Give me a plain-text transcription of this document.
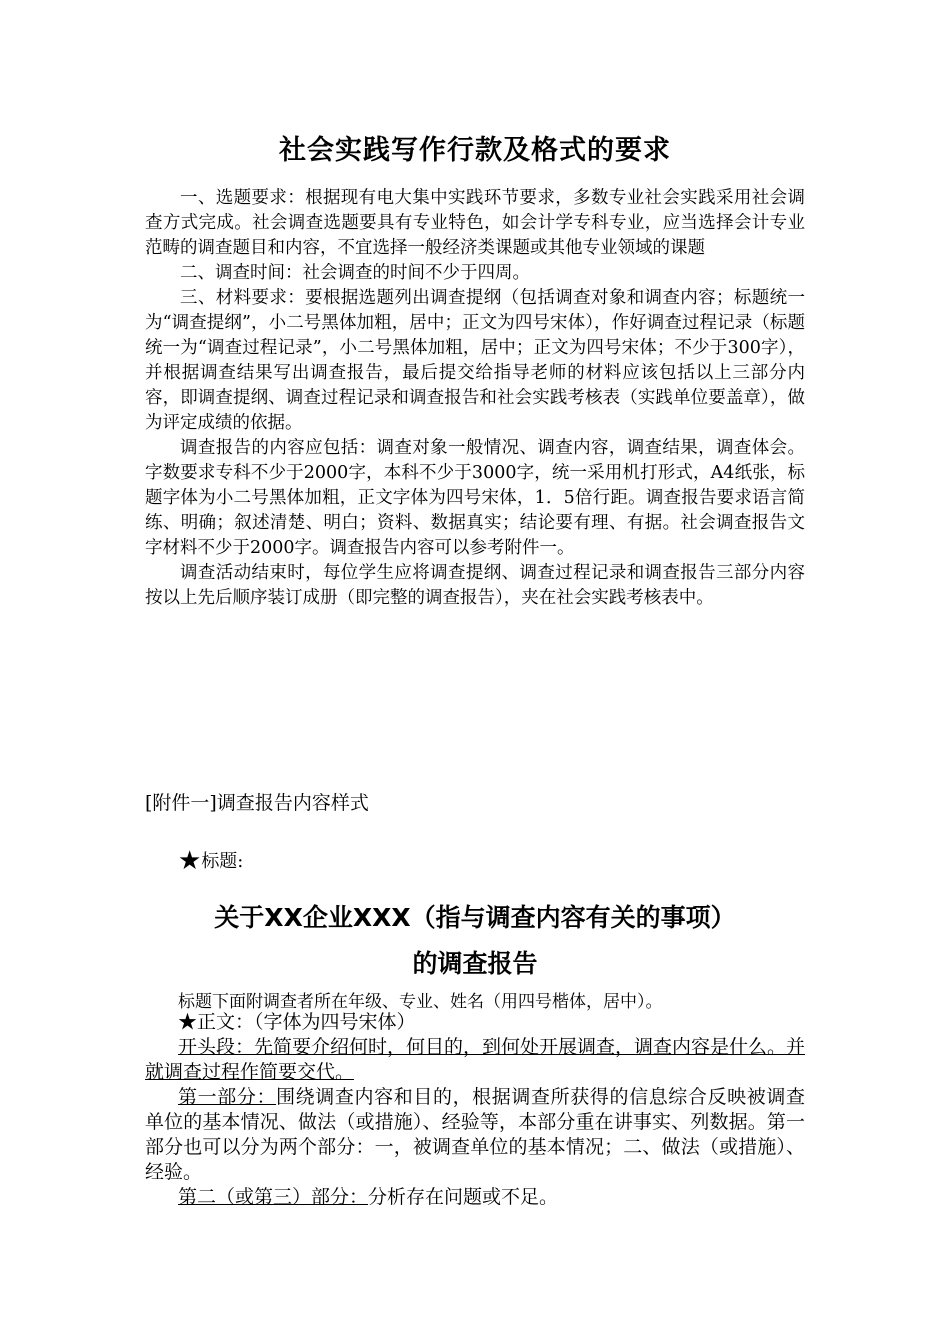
社会实践写作行款及格式的要求

一、选题要求：根据现有电大集中实践环节要求，多数专业社会实践采用社会调查方式完成。社会调查选题要具有专业特色，如会计学专科专业，应当选择会计专业范畴的调查题目和内容，不宜选择一般经济类课题或其他专业领域的课题

二、调查时间：社会调查的时间不少于四周。

三、材料要求：要根据选题列出调查提纲（包括调查对象和调查内容；标题统一为“调查提纲”，小二号黑体加粗，居中；正文为四号宋体），作好调查过程记录（标题统一为“调查过程记录”，小二号黑体加粗，居中；正文为四号宋体；不少于300字），并根据调查结果写出调查报告，最后提交给指导老师的材料应该包括以上三部分内容，即调查提纲、调查过程记录和调查报告和社会实践考核表（实践单位要盖章），做为评定成绩的依据。

调查报告的内容应包括：调查对象一般情况、调查内容，调查结果，调查体会。字数要求专科不少于2000字，本科不少于3000字，统一采用机打形式，A4纸张，标题字体为小二号黑体加粗，正文字体为四号宋体，1．5倍行距。调查报告要求语言简练、明确；叙述清楚、明白；资料、数据真实；结论要有理、有据。社会调查报告文字材料不少于2000字。调查报告内容可以参考附件一。

调查活动结束时，每位学生应将调查提纲、调查过程记录和调查报告三部分内容按以上先后顺序装订成册（即完整的调查报告），夹在社会实践考核表中。

[附件一]调查报告内容样式
★标题:
关于XX企业XXX（指与调查内容有关的事项）
的调查报告
标题下面附调查者所在年级、专业、姓名（用四号楷体，居中）。

★正文：（字体为四号宋体）

开头段：先简要介绍何时，何目的，到何处开展调查，调查内容是什么。并就调查过程作简要交代。

第一部分：围绕调查内容和目的，根据调查所获得的信息综合反映被调查单位的基本情况、做法（或措施）、经验等，本部分重在讲事实、列数据。第一部分也可以分为两个部分：一，被调查单位的基本情况；二、做法（或措施）、经验。

第二（或第三）部分：分析存在问题或不足。
